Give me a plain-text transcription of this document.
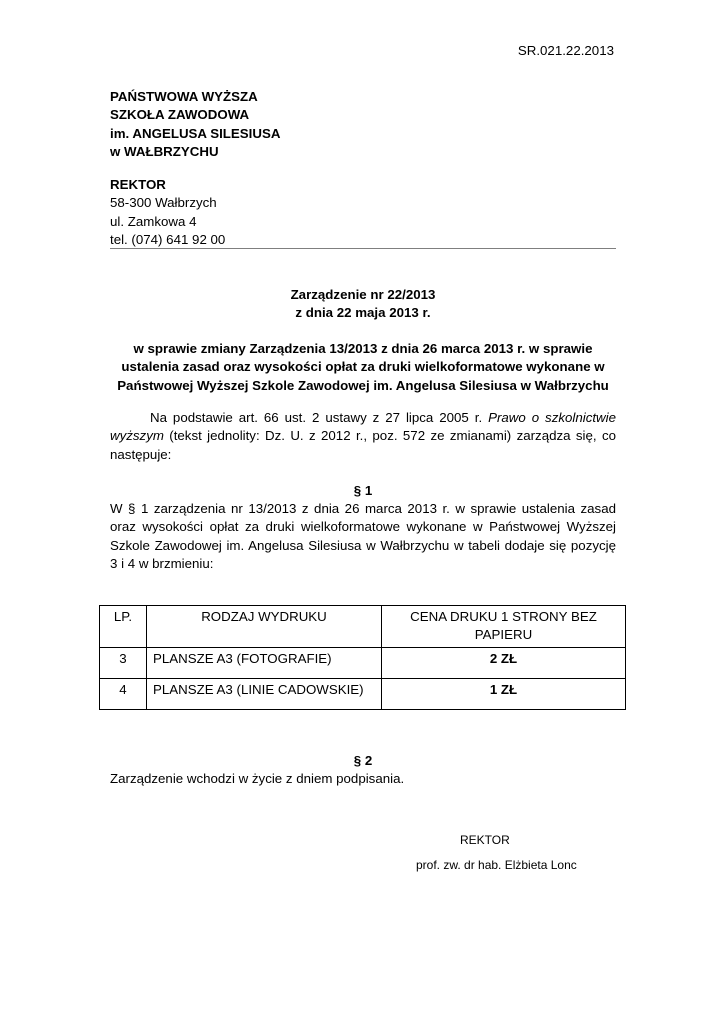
SR.021.22.2013
PAŃSTWOWA WYŻSZA
SZKOŁA ZAWODOWA
im. ANGELUSA SILESIUSA
w WAŁBRZYCHU
REKTOR
58-300 Wałbrzych
ul. Zamkowa 4
tel. (074) 641 92 00
Zarządzenie nr 22/2013
z dnia 22 maja 2013 r.
w sprawie zmiany Zarządzenia 13/2013 z dnia 26 marca 2013 r. w sprawie ustalenia zasad oraz wysokości opłat za druki wielkoformatowe wykonane w Państwowej Wyższej Szkole Zawodowej im. Angelusa Silesiusa w Wałbrzychu
Na podstawie art. 66 ust. 2 ustawy z 27 lipca 2005 r. Prawo o szkolnictwie wyższym (tekst jednolity: Dz. U. z 2012 r., poz. 572 ze zmianami) zarządza się, co następuje:
§ 1
W § 1 zarządzenia nr 13/2013 z dnia 26 marca 2013 r. w sprawie ustalenia zasad oraz wysokości opłat za druki wielkoformatowe wykonane w Państwowej Wyższej Szkole Zawodowej im. Angelusa Silesiusa w Wałbrzychu w tabeli dodaje się pozycję 3 i 4 w brzmieniu:
LP.	RODZAJ WYDRUKU	CENA DRUKU 1 STRONY BEZ PAPIERU
3	PLANSZE A3 (FOTOGRAFIE)	2 ZŁ
4	PLANSZE A3 (LINIE CADOWSKIE)	1 ZŁ
§ 2
Zarządzenie wchodzi w życie z dniem podpisania.
REKTOR
prof. zw. dr hab. Elżbieta Lonc
